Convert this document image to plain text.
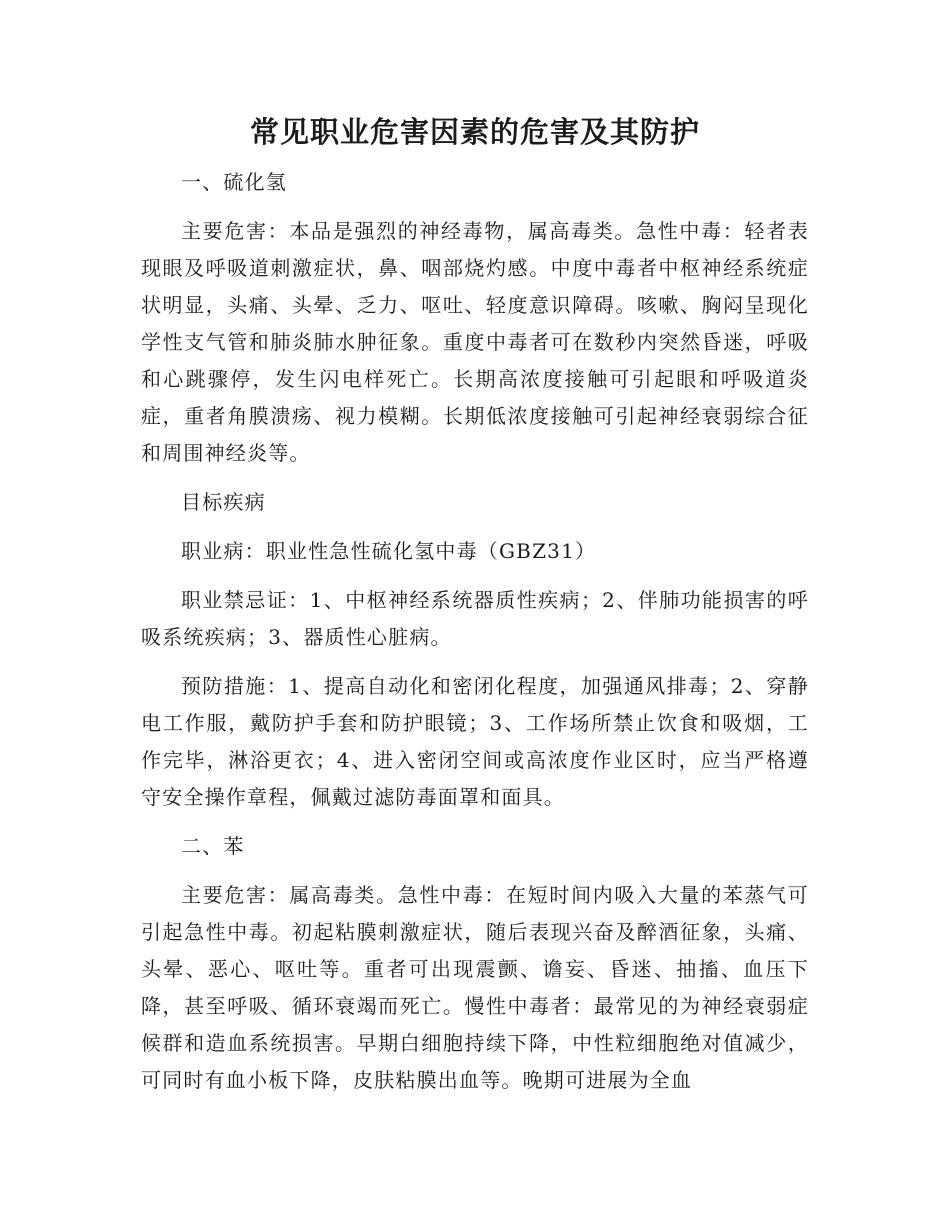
常见职业危害因素的危害及其防护

一、硫化氢

主要危害：本品是强烈的神经毒物，属高毒类。急性中毒：轻者表现眼及呼吸道刺激症状，鼻、咽部烧灼感。中度中毒者中枢神经系统症状明显，头痛、头晕、乏力、呕吐、轻度意识障碍。咳嗽、胸闷呈现化学性支气管和肺炎肺水肿征象。重度中毒者可在数秒内突然昏迷，呼吸和心跳骤停，发生闪电样死亡。长期高浓度接触可引起眼和呼吸道炎症，重者角膜溃疡、视力模糊。长期低浓度接触可引起神经衰弱综合征和周围神经炎等。

目标疾病

职业病：职业性急性硫化氢中毒（GBZ31）

职业禁忌证：1、中枢神经系统器质性疾病；2、伴肺功能损害的呼吸系统疾病；3、器质性心脏病。

预防措施：1、提高自动化和密闭化程度，加强通风排毒；2、穿静电工作服，戴防护手套和防护眼镜；3、工作场所禁止饮食和吸烟，工作完毕，淋浴更衣；4、进入密闭空间或高浓度作业区时，应当严格遵守安全操作章程，佩戴过滤防毒面罩和面具。

二、苯

主要危害：属高毒类。急性中毒：在短时间内吸入大量的苯蒸气可引起急性中毒。初起粘膜刺激症状，随后表现兴奋及醉酒征象，头痛、头晕、恶心、呕吐等。重者可出现震颤、谵妄、昏迷、抽搐、血压下降，甚至呼吸、循环衰竭而死亡。慢性中毒者：最常见的为神经衰弱症候群和造血系统损害。早期白细胞持续下降，中性粒细胞绝对值减少，可同时有血小板下降，皮肤粘膜出血等。晚期可进展为全血
